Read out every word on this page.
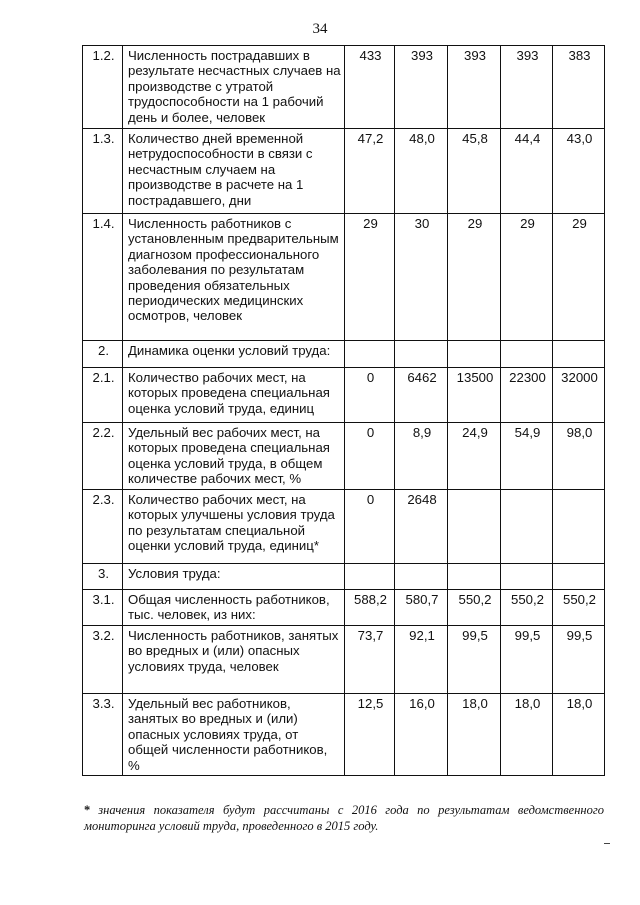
34
1.2.	Численность пострадавших в результате несчастных случаев на производстве с утратой трудоспособности на 1 рабочий день и более, человек	433	393	393	393	383
1.3.	Количество дней временной нетрудоспособности в связи с несчастным случаем на производстве в расчете на 1 пострадавшего, дни	47,2	48,0	45,8	44,4	43,0
1.4.	Численность работников с установленным предварительным диагнозом профессионального заболевания по результатам проведения обязательных периодических медицинских осмотров, человек	29	30	29	29	29
2.	Динамика оценки условий труда:					
2.1.	Количество рабочих мест, на которых проведена специальная оценка условий труда, единиц	0	6462	13500	22300	32000
2.2.	Удельный вес рабочих мест, на которых проведена специальная оценка условий труда, в общем количестве рабочих мест, %	0	8,9	24,9	54,9	98,0
2.3.	Количество рабочих мест, на которых улучшены условия труда по результатам специальной оценки условий труда, единиц*	0	2648			
3.	Условия труда:					
3.1.	Общая численность работников, тыс. человек, из них:	588,2	580,7	550,2	550,2	550,2
3.2.	Численность работников, занятых во вредных и (или) опасных условиях труда, человек	73,7	92,1	99,5	99,5	99,5
3.3.	Удельный вес работников, занятых во вредных и (или) опасных условиях труда, от общей численности работников, %	12,5	16,0	18,0	18,0	18,0
* значения показателя будут рассчитаны с 2016 года по результатам ведомственного мониторинга условий труда, проведенного в 2015 году.
